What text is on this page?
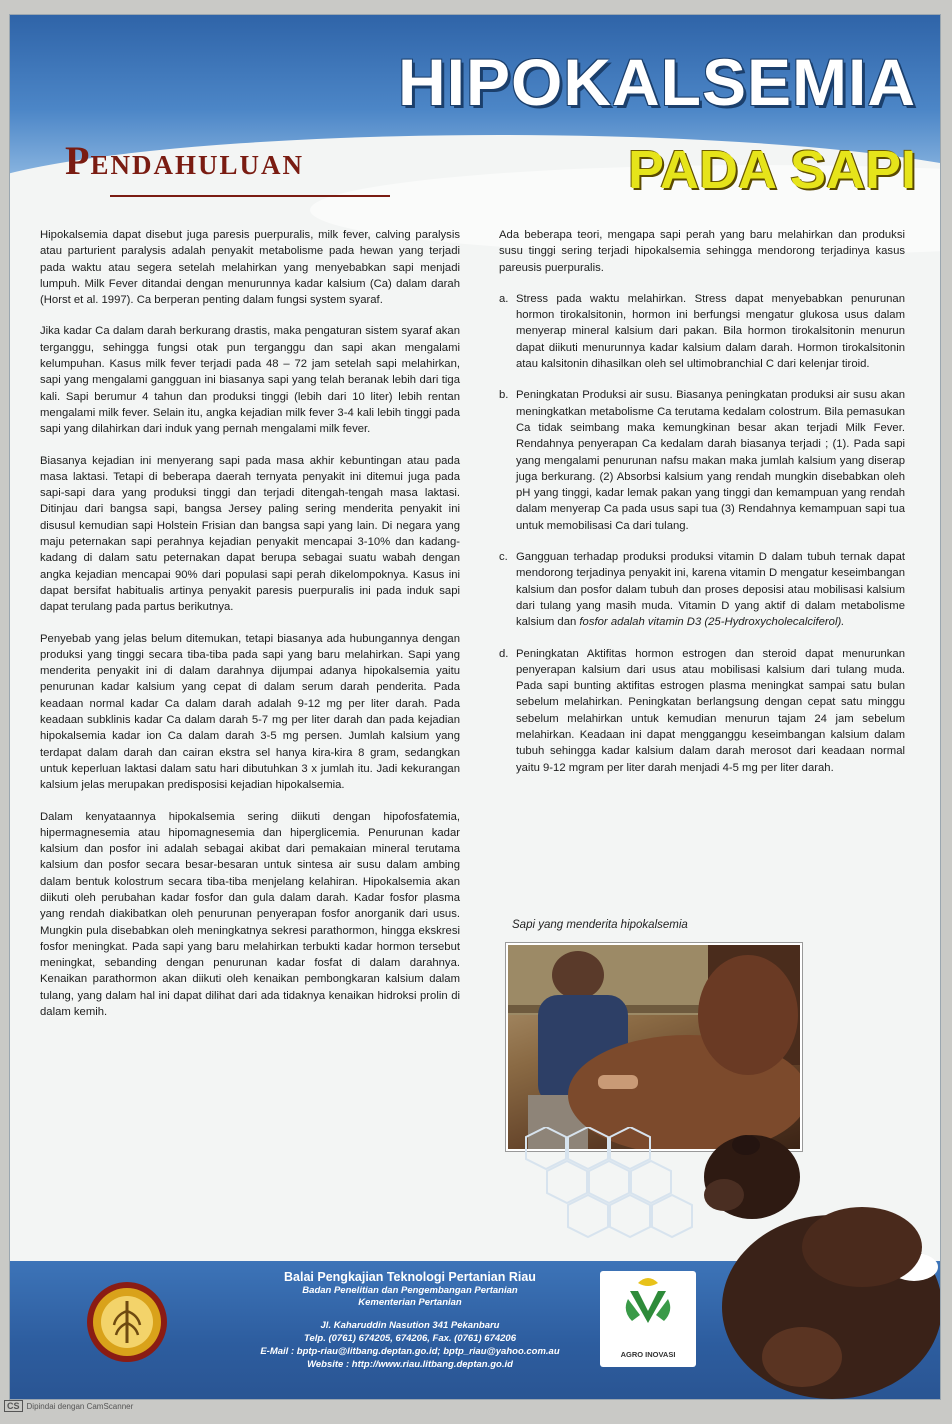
HIPOKALSEMIA
PADA SAPI
PENDAHULUAN

Hipokalsemia dapat disebut juga paresis puerpuralis, milk fever, calving paralysis atau parturient paralysis adalah penyakit metabolisme pada hewan yang terjadi pada waktu atau segera setelah melahirkan yang menyebabkan sapi menjadi lumpuh. Milk Fever ditandai dengan menurunnya kadar kalsium (Ca) dalam darah (Horst et al. 1997). Ca berperan penting dalam fungsi system syaraf.

Jika kadar Ca dalam darah berkurang drastis, maka pengaturan sistem syaraf akan terganggu, sehingga fungsi otak pun terganggu dan sapi akan mengalami kelumpuhan. Kasus milk fever terjadi pada 48 – 72 jam setelah sapi melahirkan, sapi yang mengalami gangguan ini biasanya sapi yang telah beranak lebih dari tiga kali. Sapi berumur 4 tahun dan produksi tinggi (lebih dari 10 liter) lebih rentan mengalami milk fever. Selain itu, angka kejadian milk fever 3-4 kali lebih tinggi pada sapi yang dilahirkan dari induk yang pernah mengalami milk fever.

Biasanya kejadian ini menyerang sapi pada masa akhir kebuntingan atau pada masa laktasi. Tetapi di beberapa daerah ternyata penyakit ini ditemui juga pada sapi-sapi dara yang produksi tinggi dan terjadi ditengah-tengah masa laktasi. Ditinjau dari bangsa sapi, bangsa Jersey paling sering menderita penyakit ini disusul kemudian sapi Holstein Frisian dan bangsa sapi yang lain. Di negara yang maju peternakan sapi perahnya kejadian penyakit mencapai 3-10% dan kadang-kadang di dalam satu peternakan dapat berupa sebagai suatu wabah dengan angka kejadian mencapai 90% dari populasi sapi perah dikelompoknya. Kasus ini dapat bersifat habitualis artinya penyakit paresis puerpuralis ini pada induk sapi dapat terulang pada partus berikutnya.

Penyebab yang jelas belum ditemukan, tetapi biasanya ada hubungannya dengan produksi yang tinggi secara tiba-tiba pada sapi yang baru melahirkan. Sapi yang menderita penyakit ini di dalam darahnya dijumpai adanya hipokalsemia yaitu penurunan kadar kalsium yang cepat di dalam serum darah penderita. Pada keadaan normal kadar Ca dalam darah adalah 9-12 mg per liter darah. Pada keadaan subklinis kadar Ca dalam darah 5-7 mg per liter darah dan pada kejadian hipokalsemia kadar ion Ca dalam darah 3-5 mg persen. Jumlah kalsium yang terdapat dalam darah dan cairan ekstra sel hanya kira-kira 8 gram, sedangkan untuk keperluan laktasi dalam satu hari dibutuhkan 3 x jumlah itu. Jadi kekurangan kalsium jelas merupakan predisposisi kejadian hipokalsemia.

Dalam kenyataannya hipokalsemia sering diikuti dengan hipofosfatemia, hipermagnesemia atau hipomagnesemia dan hiperglicemia. Penurunan kadar kalsium dan posfor ini adalah sebagai akibat dari pemakaian mineral terutama kalsium dan posfor secara besar-besaran untuk sintesa air susu dalam ambing dalam bentuk kolostrum secara tiba-tiba menjelang kelahiran. Hipokalsemia akan diikuti oleh perubahan kadar fosfor dan gula dalam darah. Kadar fosfor plasma yang rendah diakibatkan oleh penurunan penyerapan fosfor anorganik dari usus. Mungkin pula disebabkan oleh meningkatnya sekresi parathormon, hingga ekskresi fosfor meningkat. Pada sapi yang baru melahirkan terbukti kadar hormon tersebut meningkat, sebanding dengan penurunan kadar fosfat di dalam darahnya. Kenaikan parathormon akan diikuti oleh kenaikan pembongkaran kalsium dalam tulang, yang dalam hal ini dapat dilihat dari ada tidaknya kenaikan hidroksi prolin di dalam kemih.

Ada beberapa teori, mengapa sapi perah yang baru melahirkan dan produksi susu tinggi sering terjadi hipokalsemia sehingga mendorong terjadinya kasus pareusis puerpuralis.

a. Stress pada waktu melahirkan. Stress dapat menyebabkan penurunan hormon tirokalsitonin, hormon ini berfungsi mengatur glukosa usus dalam menyerap mineral kalsium dari pakan. Bila hormon tirokalsitonin menurun dapat diikuti menurunnya kadar kalsium dalam darah. Hormon tirokalsitonin atau kalsitonin dihasilkan oleh sel ultimobranchial C dari kelenjar tiroid.
b. Peningkatan Produksi air susu. Biasanya peningkatan produksi air susu akan meningkatkan metabolisme Ca terutama kedalam colostrum. Bila pemasukan Ca tidak seimbang maka kemungkinan besar akan terjadi Milk Fever. Rendahnya penyerapan Ca kedalam darah biasanya terjadi ; (1). Pada sapi yang mengalami penurunan nafsu makan maka jumlah kalsium yang diserap juga berkurang. (2) Absorbsi kalsium yang rendah mungkin disebabkan oleh pH yang tinggi, kadar lemak pakan yang tinggi dan kemampuan yang rendah dalam menyerap Ca pada usus sapi tua (3) Rendahnya kemampuan sapi tua untuk memobilisasi Ca dari tulang.
c. Gangguan terhadap produksi produksi vitamin D dalam tubuh ternak dapat mendorong terjadinya penyakit ini, karena vitamin D mengatur keseimbangan kalsium dan posfor dalam tubuh dan proses deposisi atau mobilisasi kalsium dari tulang yang masih muda. Vitamin D yang aktif di dalam metabolisme kalsium dan fosfor adalah vitamin D3 (25-Hydroxycholecalciferol).
d. Peningkatan Aktifitas hormon estrogen dan steroid dapat menurunkan penyerapan kalsium dari usus atau mobilisasi kalsium dari tulang muda. Pada sapi bunting aktifitas estrogen plasma meningkat sampai satu bulan sebelum melahirkan. Peningkatan berlangsung dengan cepat satu minggu sebelum melahirkan untuk kemudian menurun tajam 24 jam sebelum melahirkan. Keadaan ini dapat mengganggu keseimbangan kalsium dalam tubuh sehingga kadar kalsium dalam darah merosot dari keadaan normal yaitu 9-12 mgram per liter darah menjadi 4-5 mg per liter darah.

Sapi yang menderita hipokalsemia

Balai Pengkajian Teknologi Pertanian Riau

Badan Penelitian dan Pengembangan Pertanian

Kementerian Pertanian

Jl. Kaharuddin Nasution 341 Pekanbaru

Telp. (0761) 674205, 674206, Fax. (0761) 674206

E-Mail : bptp-riau@litbang.deptan.go.id; bptp_riau@yahoo.com.au

Website : http://www.riau.litbang.deptan.go.id

AGRO INOVASI
CS Dipindai dengan CamScanner
